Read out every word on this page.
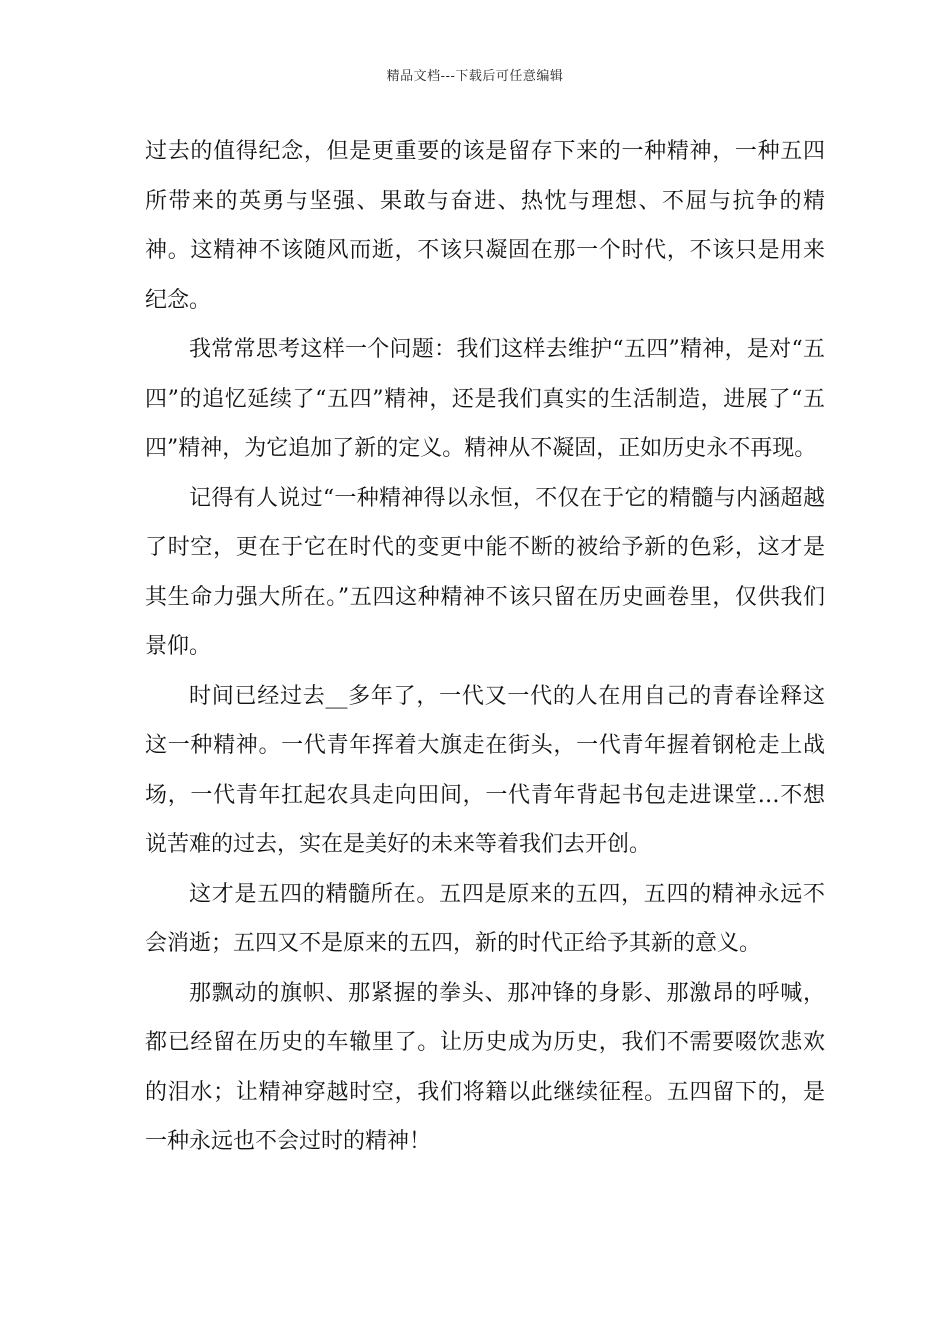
精品文档---下载后可任意编辑

过去的值得纪念，但是更重要的该是留存下来的一种精神，一种五四所带来的英勇与坚强、果敢与奋进、热忱与理想、不屈与抗争的精神。这精神不该随风而逝，不该只凝固在那一个时代，不该只是用来纪念。

我常常思考这样一个问题：我们这样去维护“五四”精神，是对“五四”的追忆延续了“五四”精神，还是我们真实的生活制造，进展了“五四”精神，为它追加了新的定义。精神从不凝固，正如历史永不再现。

记得有人说过“一种精神得以永恒，不仅在于它的精髓与内涵超越了时空，更在于它在时代的变更中能不断的被给予新的色彩，这才是其生命力强大所在。”五四这种精神不该只留在历史画卷里，仅供我们景仰。

时间已经过去__多年了，一代又一代的人在用自己的青春诠释这这一种精神。一代青年挥着大旗走在街头，一代青年握着钢枪走上战场，一代青年扛起农具走向田间，一代青年背起书包走进课堂…不想说苦难的过去，实在是美好的未来等着我们去开创。

这才是五四的精髓所在。五四是原来的五四，五四的精神永远不会消逝；五四又不是原来的五四，新的时代正给予其新的意义。

那飘动的旗帜、那紧握的拳头、那冲锋的身影、那激昂的呼喊，都已经留在历史的车辙里了。让历史成为历史，我们不需要啜饮悲欢的泪水；让精神穿越时空，我们将籍以此继续征程。五四留下的，是一种永远也不会过时的精神！
